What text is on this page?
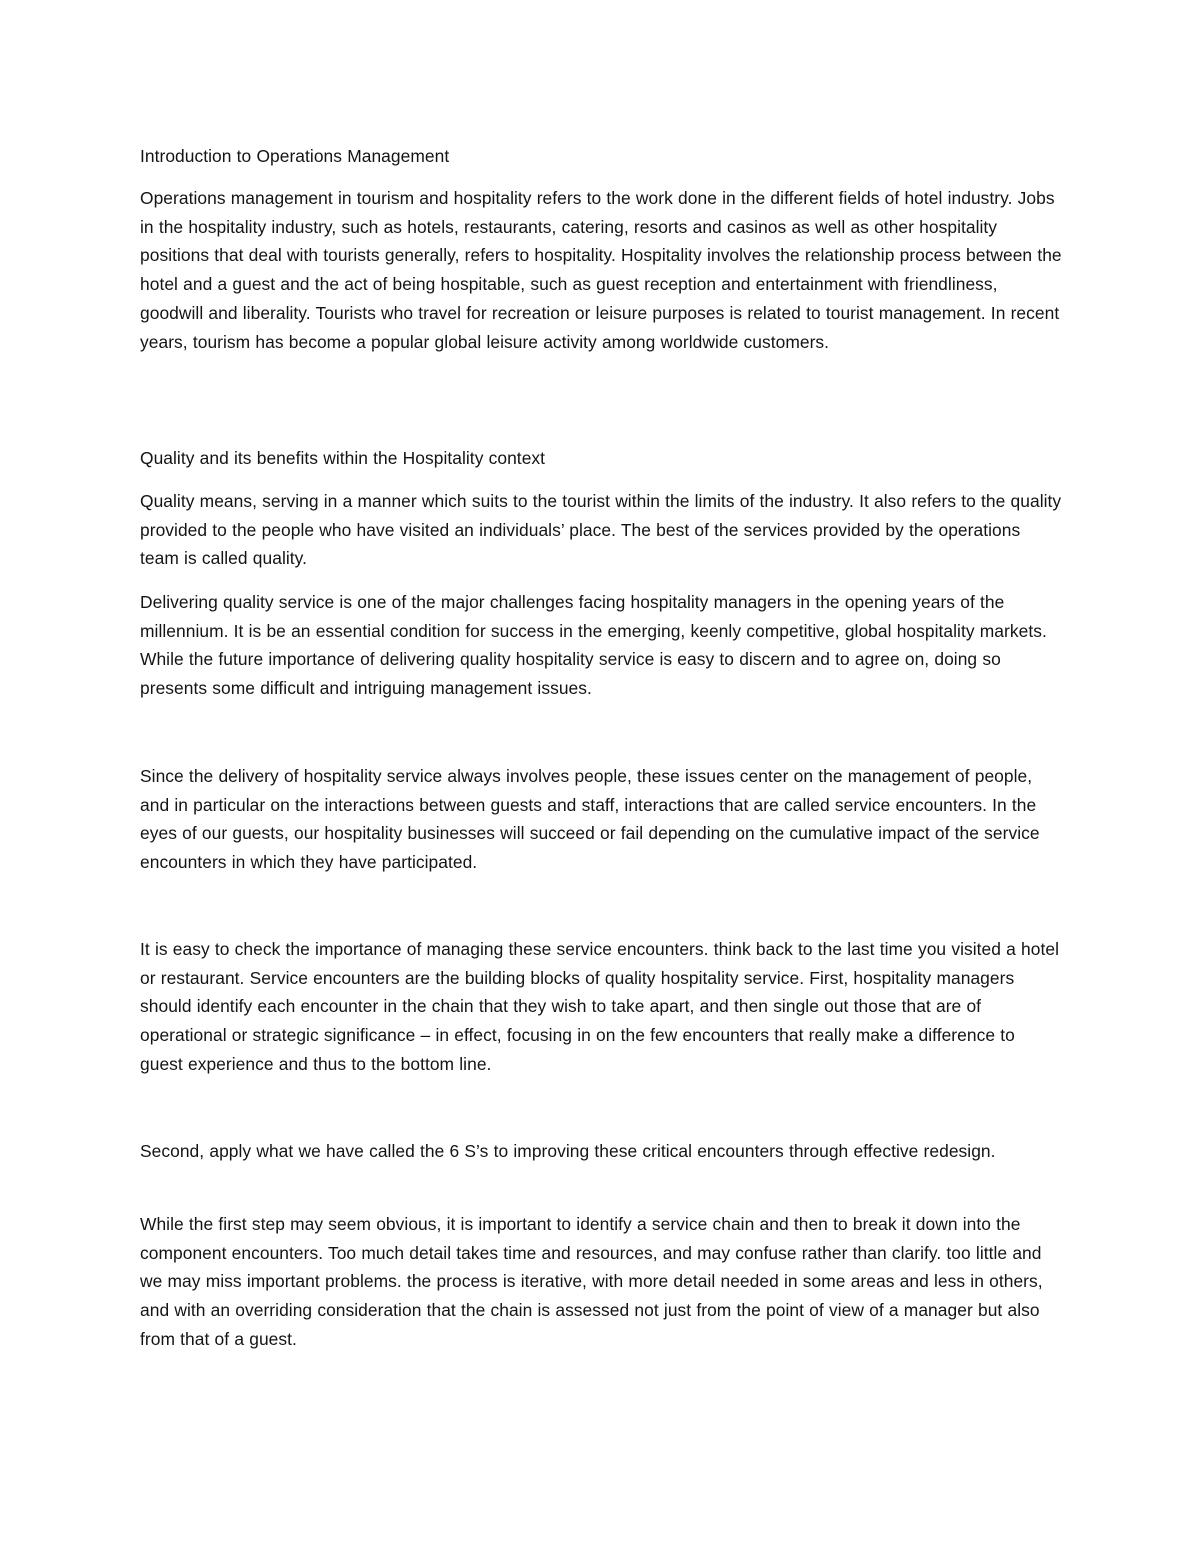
Introduction to Operations Management

Operations management in tourism and hospitality refers to the work done in the different fields of hotel industry. Jobs in the hospitality industry, such as hotels, restaurants, catering, resorts and casinos as well as other hospitality positions that deal with tourists generally, refers to hospitality. Hospitality involves the relationship process between the hotel and a guest and the act of being hospitable, such as guest reception and entertainment with friendliness, goodwill and liberality. Tourists who travel for recreation or leisure purposes is related to tourist management. In recent years, tourism has become a popular global leisure activity among worldwide customers.

Quality and its benefits within the Hospitality context

Quality means, serving in a manner which suits to the tourist within the limits of the industry. It also refers to the quality provided to the people who have visited an individuals’ place. The best of the services provided by the operations team is called quality.

Delivering quality service is one of the major challenges facing hospitality managers in the opening years of the millennium. It is be an essential condition for success in the emerging, keenly competitive, global hospitality markets. While the future importance of delivering quality hospitality service is easy to discern and to agree on, doing so presents some difficult and intriguing management issues.

Since the delivery of hospitality service always involves people, these issues center on the management of people, and in particular on the interactions between guests and staff, interactions that are called service encounters. In the eyes of our guests, our hospitality businesses will succeed or fail depending on the cumulative impact of the service encounters in which they have participated.

It is easy to check the importance of managing these service encounters. think back to the last time you visited a hotel or restaurant. Service encounters are the building blocks of quality hospitality service. First, hospitality managers should identify each encounter in the chain that they wish to take apart, and then single out those that are of operational or strategic significance – in effect, focusing in on the few encounters that really make a difference to guest experience and thus to the bottom line.

Second, apply what we have called the 6 S’s to improving these critical encounters through effective redesign.

While the first step may seem obvious, it is important to identify a service chain and then to break it down into the component encounters. Too much detail takes time and resources, and may confuse rather than clarify. too little and we may miss important problems. the process is iterative, with more detail needed in some areas and less in others, and with an overriding consideration that the chain is assessed not just from the point of view of a manager but also from that of a guest.
